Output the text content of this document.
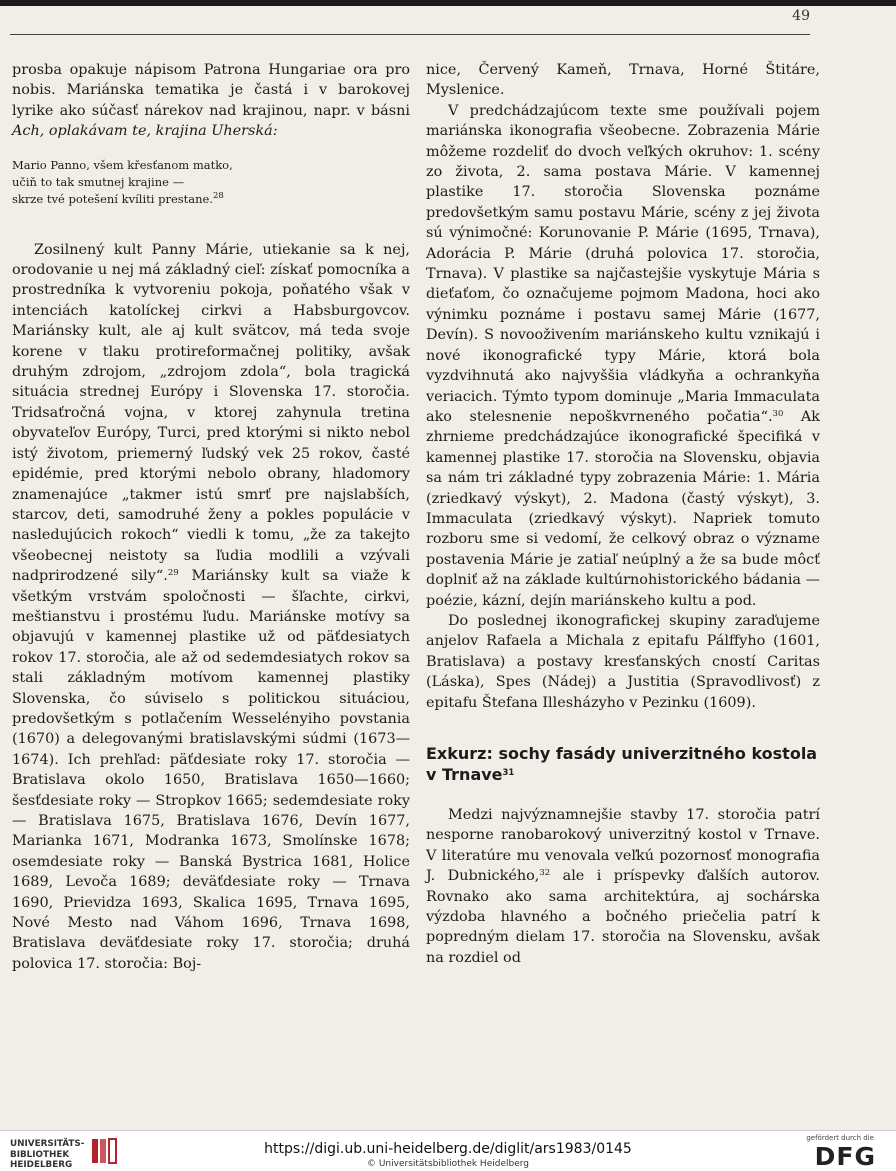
49

prosba opakuje nápisom Patrona Hungariae ora pro nobis. Mariánska tematika je častá i v barokovej lyrike ako súčasť nárekov nad krajinou, napr. v básni Ach, oplakávam te, krajina Uherská:

Mario Panno, všem křesťanom matko,
učiň to tak smutnej krajine —
skrze tvé potešení kvíliti prestane.$^{28}$

Zosilnený kult Panny Márie, utiekanie sa k nej, orodovanie u nej má základný cieľ: získať pomocníka a prostredníka k vytvoreniu pokoja, poňatého však v intenciách katolíckej cirkvi a Habsburgovcov. Mariánsky kult, ale aj kult svätcov, má teda svoje korene v tlaku protireformačnej politiky, avšak druhým zdrojom, „zdrojom zdola“, bola tragická situácia strednej Európy i Slovenska 17. storočia. Tridsaťročná vojna, v ktorej zahynula tretina obyvateľov Európy, Turci, pred ktorými si nikto nebol istý životom, priemerný ľudský vek 25 rokov, časté epidémie, pred ktorými nebolo obrany, hladomory znamenajúce „takmer istú smrť pre najslabších, starcov, deti, samodruhé ženy a pokles populácie v nasledujúcich rokoch“ viedli k tomu, „že za takejto všeobecnej neistoty sa ľudia modlili a vzývali nadprirodzené sily“.$^{29}$ Mariánsky kult sa viaže k všetkým vrstvám spoločnosti — šľachte, cirkvi, meštianstvu i prostému ľudu. Mariánske motívy sa objavujú v kamennej plastike už od päťdesiatych rokov 17. storočia, ale až od sedemdesiatych rokov sa stali základným motívom kamennej plastiky Slovenska, čo súviselo s politickou situáciou, predovšetkým s potlačením Wesselényiho povstania (1670) a delegovanými bratislavskými súdmi (1673—1674). Ich prehľad: päťdesiate roky 17. storočia — Bratislava okolo 1650, Bratislava 1650—1660; šesťdesiate roky — Stropkov 1665; sedemdesiate roky — Bratislava 1675, Bratislava 1676, Devín 1677, Marianka 1671, Modranka 1673, Smolínske 1678; osemdesiate roky — Banská Bystrica 1681, Holice 1689, Levoča 1689; deväťdesiate roky — Trnava 1690, Prievidza 1693, Skalica 1695, Trnava 1695, Nové Mesto nad Váhom 1696, Trnava 1698, Bratislava deväťdesiate roky 17. storočia; druhá polovica 17. storočia: Boj-

nice, Červený Kameň, Trnava, Horné Štitáre, Myslenice.

V predchádzajúcom texte sme používali pojem mariánska ikonografia všeobecne. Zobrazenia Márie môžeme rozdeliť do dvoch veľkých okruhov: 1. scény zo života, 2. sama postava Márie. V kamennej plastike 17. storočia Slovenska poznáme predovšetkým samu postavu Márie, scény z jej života sú výnimočné: Korunovanie P. Márie (1695, Trnava), Adorácia P. Márie (druhá polovica 17. storočia, Trnava). V plastike sa najčastejšie vyskytuje Mária s dieťaťom, čo označujeme pojmom Madona, hoci ako výnimku poznáme i postavu samej Márie (1677, Devín). S novooživením mariánskeho kultu vznikajú i nové ikonografické typy Márie, ktorá bola vyzdvihnutá ako najvyššia vládkyňa a ochrankyňa veriacich. Týmto typom dominuje „Maria Immaculata ako stelesnenie nepoškvrneného počatia“.$^{30}$ Ak zhrnieme predchádzajúce ikonografické špecifiká v kamennej plastike 17. storočia na Slovensku, objavia sa nám tri základné typy zobrazenia Márie: 1. Mária (zriedkavý výskyt), 2. Madona (častý výskyt), 3. Immaculata (zriedkavý výskyt). Napriek tomuto rozboru sme si vedomí, že celkový obraz o význame postavenia Márie je zatiaľ neúplný a že sa bude môcť doplniť až na základe kultúrnohistorického bádania — poézie, kázní, dejín mariánskeho kultu a pod.

Do poslednej ikonografickej skupiny zaraďujeme anjelov Rafaela a Michala z epitafu Pálffyho (1601, Bratislava) a postavy kresťanských cností Caritas (Láska), Spes (Nádej) a Justitia (Spravodlivosť) z epitafu Štefana Illesházyho v Pezinku (1609).

Exkurz: sochy fasády univerzitného kostola v Trnave$^{31}$

Medzi najvýznamnejšie stavby 17. storočia patrí nesporne ranobarokový univerzitný kostol v Trnave. V literatúre mu venovala veľkú pozornosť monografia J. Dubnického,$^{32}$ ale i príspevky ďalších autorov. Rovnako ako sama architektúra, aj sochárska výzdoba hlavného a bočného priečelia patrí k popredným dielam 17. storočia na Slovensku, avšak na rozdiel od

UNIVERSITÄTS-
BIBLIOTHEK
HEIDELBERG
https://digi.ub.uni-heidelberg.de/diglit/ars1983/0145
© Universitätsbibliothek Heidelberg
gefördert durch die
DFG
